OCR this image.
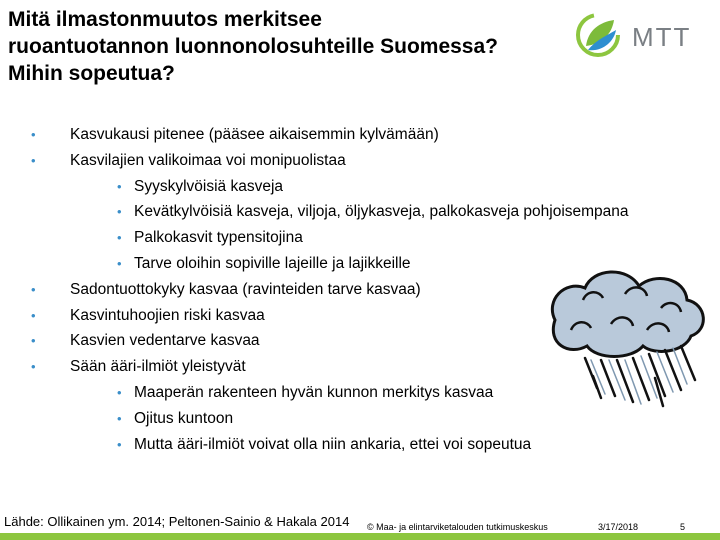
Mitä ilmastonmuutos merkitsee
ruoantuotannon luonnonolosuhteille Suomessa?
Mihin sopeutua?
MTT
• Kasvukausi pitenee (pääsee aikaisemmin kylvämään)
• Kasvilajien valikoimaa voi monipuolistaa
• Syyskylvöisiä kasveja
• Kevätkylvöisiä kasveja, viljoja, öljykasveja, palkokasveja pohjoisempana
• Palkokasvit typensitojina
• Tarve oloihin sopiville lajeille ja lajikkeille
• Sadontuottokyky kasvaa (ravinteiden tarve kasvaa)
• Kasvintuhoojien riski kasvaa
• Kasvien vedentarve kasvaa
• Sään ääri-ilmiöt yleistyvät
• Maaperän rakenteen hyvän kunnon merkitys kasvaa
• Ojitus kuntoon
• Mutta ääri-ilmiöt voivat olla niin ankaria, ettei voi sopeutua
Lähde: Ollikainen ym. 2014; Peltonen-Sainio & Hakala 2014	© Maa- ja elintarviketalouden tutkimuskeskus	3/17/2018	5
